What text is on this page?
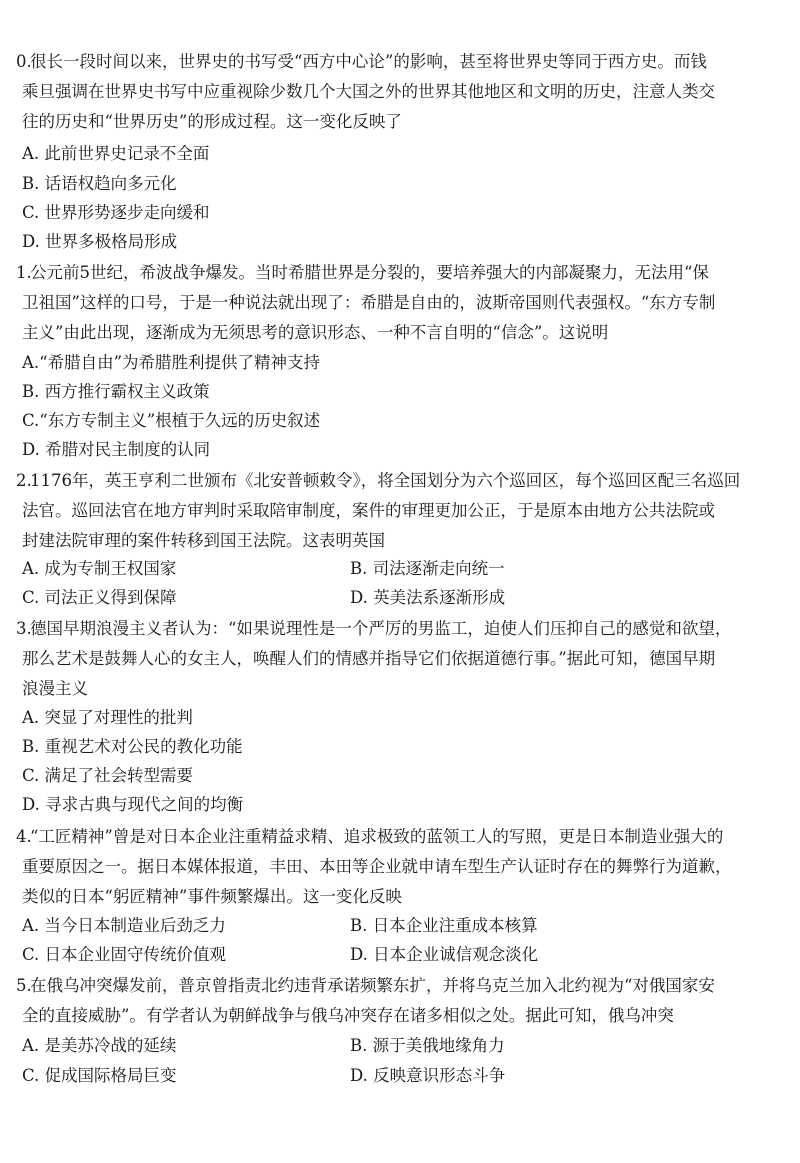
0.很长一段时间以来，世界史的书写受“西方中心论”的影响，甚至将世界史等同于西方史。而钱
乘旦强调在世界史书写中应重视除少数几个大国之外的世界其他地区和文明的历史，注意人类交
往的历史和“世界历史”的形成过程。这一变化反映了
A. 此前世界史记录不全面
B. 话语权趋向多元化
C. 世界形势逐步走向缓和
D. 世界多极格局形成
1.公元前5世纪，希波战争爆发。当时希腊世界是分裂的，要培养强大的内部凝聚力，无法用“保
卫祖国”这样的口号，于是一种说法就出现了：希腊是自由的，波斯帝国则代表强权。“东方专制
主义”由此出现，逐渐成为无须思考的意识形态、一种不言自明的“信念”。这说明
A.“希腊自由”为希腊胜利提供了精神支持
B. 西方推行霸权主义政策
C.“东方专制主义”根植于久远的历史叙述
D. 希腊对民主制度的认同
2.1176年，英王亨利二世颁布《北安普顿敕令》，将全国划分为六个巡回区，每个巡回区配三名巡回
法官。巡回法官在地方审判时采取陪审制度，案件的审理更加公正，于是原本由地方公共法院或
封建法院审理的案件转移到国王法院。这表明英国
A. 成为专制王权国家	B. 司法逐渐走向统一
C. 司法正义得到保障	D. 英美法系逐渐形成
3.德国早期浪漫主义者认为：“如果说理性是一个严厉的男监工，迫使人们压抑自己的感觉和欲望，
那么艺术是鼓舞人心的女主人，唤醒人们的情感并指导它们依据道德行事。”据此可知，德国早期
浪漫主义
A. 突显了对理性的批判
B. 重视艺术对公民的教化功能
C. 满足了社会转型需要
D. 寻求古典与现代之间的均衡
4.“工匠精神”曾是对日本企业注重精益求精、追求极致的蓝领工人的写照，更是日本制造业强大的
重要原因之一。据日本媒体报道，丰田、本田等企业就申请车型生产认证时存在的舞弊行为道歉，
类似的日本“躬匠精神”事件频繁爆出。这一变化反映
A. 当今日本制造业后劲乏力	B. 日本企业注重成本核算
C. 日本企业固守传统价值观	D. 日本企业诚信观念淡化
5.在俄乌冲突爆发前，普京曾指责北约违背承诺频繁东扩，并将乌克兰加入北约视为“对俄国家安
全的直接威胁”。有学者认为朝鲜战争与俄乌冲突存在诸多相似之处。据此可知，俄乌冲突
A. 是美苏冷战的延续	B. 源于美俄地缘角力
C. 促成国际格局巨变	D. 反映意识形态斗争
